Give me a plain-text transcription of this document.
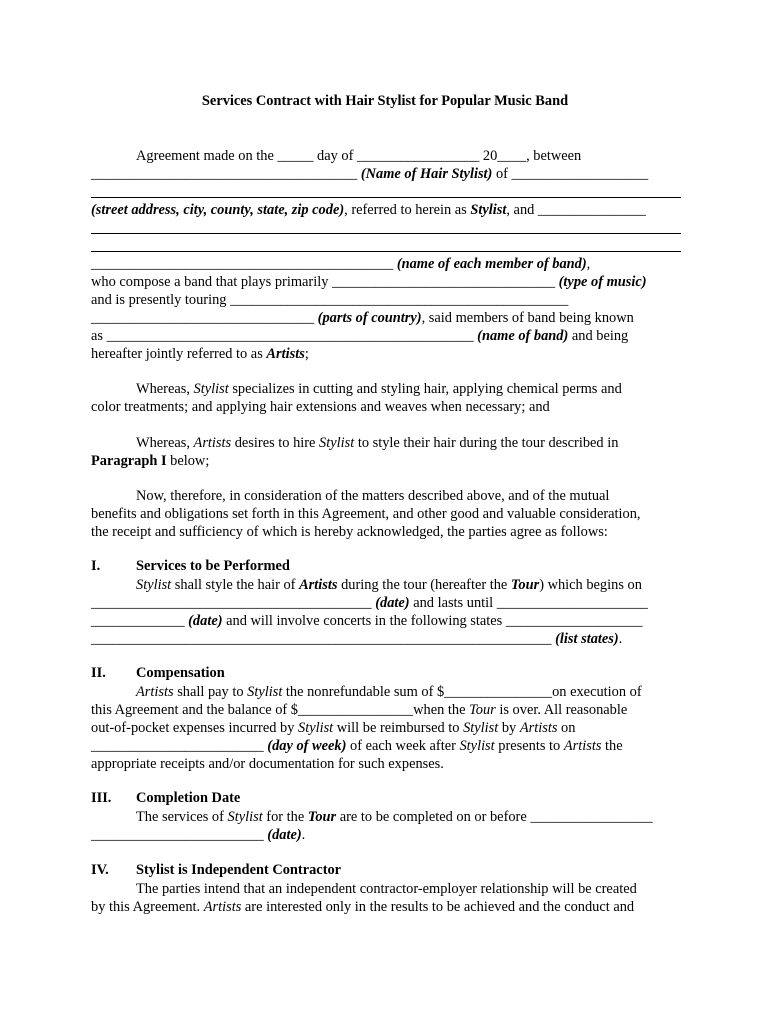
Services Contract with Hair Stylist for Popular Music Band

Agreement made on the _____ day of _________________ 20____, between

_____________________________________ (Name of Hair Stylist) of ___________________

(street address, city, county, state, zip code), referred to herein as Stylist, and _______________

__________________________________________ (name of each member of band),

who compose a band that plays primarily _______________________________ (type of music)

and is presently touring _______________________________________________

_______________________________ (parts of country), said members of band being known

as ___________________________________________________ (name of band) and being

hereafter jointly referred to as Artists;

Whereas, Stylist specializes in cutting and styling hair, applying chemical perms and

color treatments; and applying hair extensions and weaves when necessary; and

Whereas, Artists desires to hire Stylist to style their hair during the tour described in

Paragraph I below;

Now, therefore, in consideration of the matters described above, and of the mutual

benefits and obligations set forth in this Agreement, and other good and valuable consideration,

the receipt and sufficiency of which is hereby acknowledged, the parties agree as follows:

I. Services to be Performed

Stylist shall style the hair of Artists during the tour (hereafter the Tour) which begins on

_______________________________________ (date) and lasts until _____________________

_____________ (date) and will involve concerts in the following states ___________________

________________________________________________________________ (list states).

II. Compensation

Artists shall pay to Stylist the nonrefundable sum of $_______________on execution of

this Agreement and the balance of $________________when the Tour is over. All reasonable

out-of-pocket expenses incurred by Stylist will be reimbursed to Stylist by Artists on

________________________ (day of week) of each week after Stylist presents to Artists the

appropriate receipts and/or documentation for such expenses.

III. Completion Date

The services of Stylist for the Tour are to be completed on or before _________________

________________________ (date).

IV. Stylist is Independent Contractor

The parties intend that an independent contractor-employer relationship will be created

by this Agreement. Artists are interested only in the results to be achieved and the conduct and
